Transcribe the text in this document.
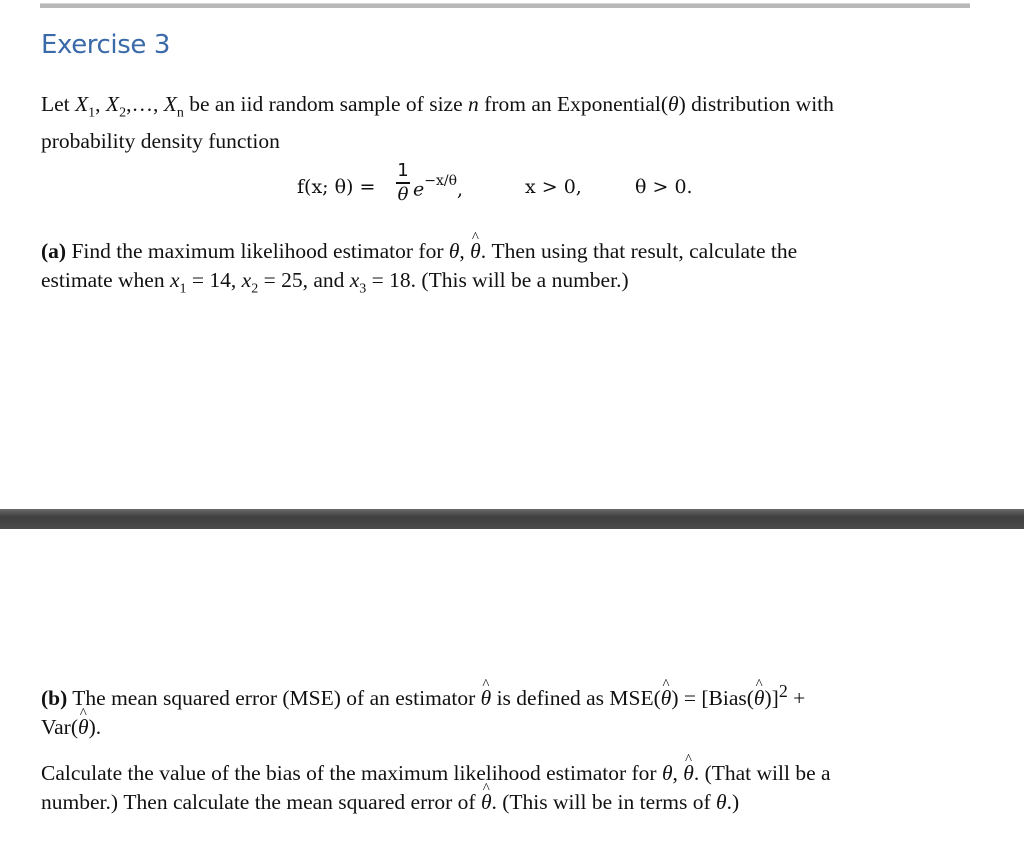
Exercise 3
Let $X_1$, $X_2,\dots$, $X_n$ be an iid random sample of size n from an Exponential(θ) distribution with
probability density function
f(x; θ) =
1
θ $e^{-x/\theta}$,	x > 0,	θ > 0.
(a) Find the maximum likelihood estimator for θ, ^ θ. Then using that result, calculate the
estimate when $x_1 = 14$, $x_2 = 25$, and $x_3 = 18$. (This will be a number.)
(b) The mean squared error (MSE) of an estimator ^ θ is defined as MSE(^ θ) = [Bias(^ θ)]$^2$ +
Var(^ θ).
Calculate the value of the bias of the maximum likelihood estimator for θ, ^ θ. (That will be a
number.) Then calculate the mean squared error of ^ θ. (This will be in terms of θ.)
